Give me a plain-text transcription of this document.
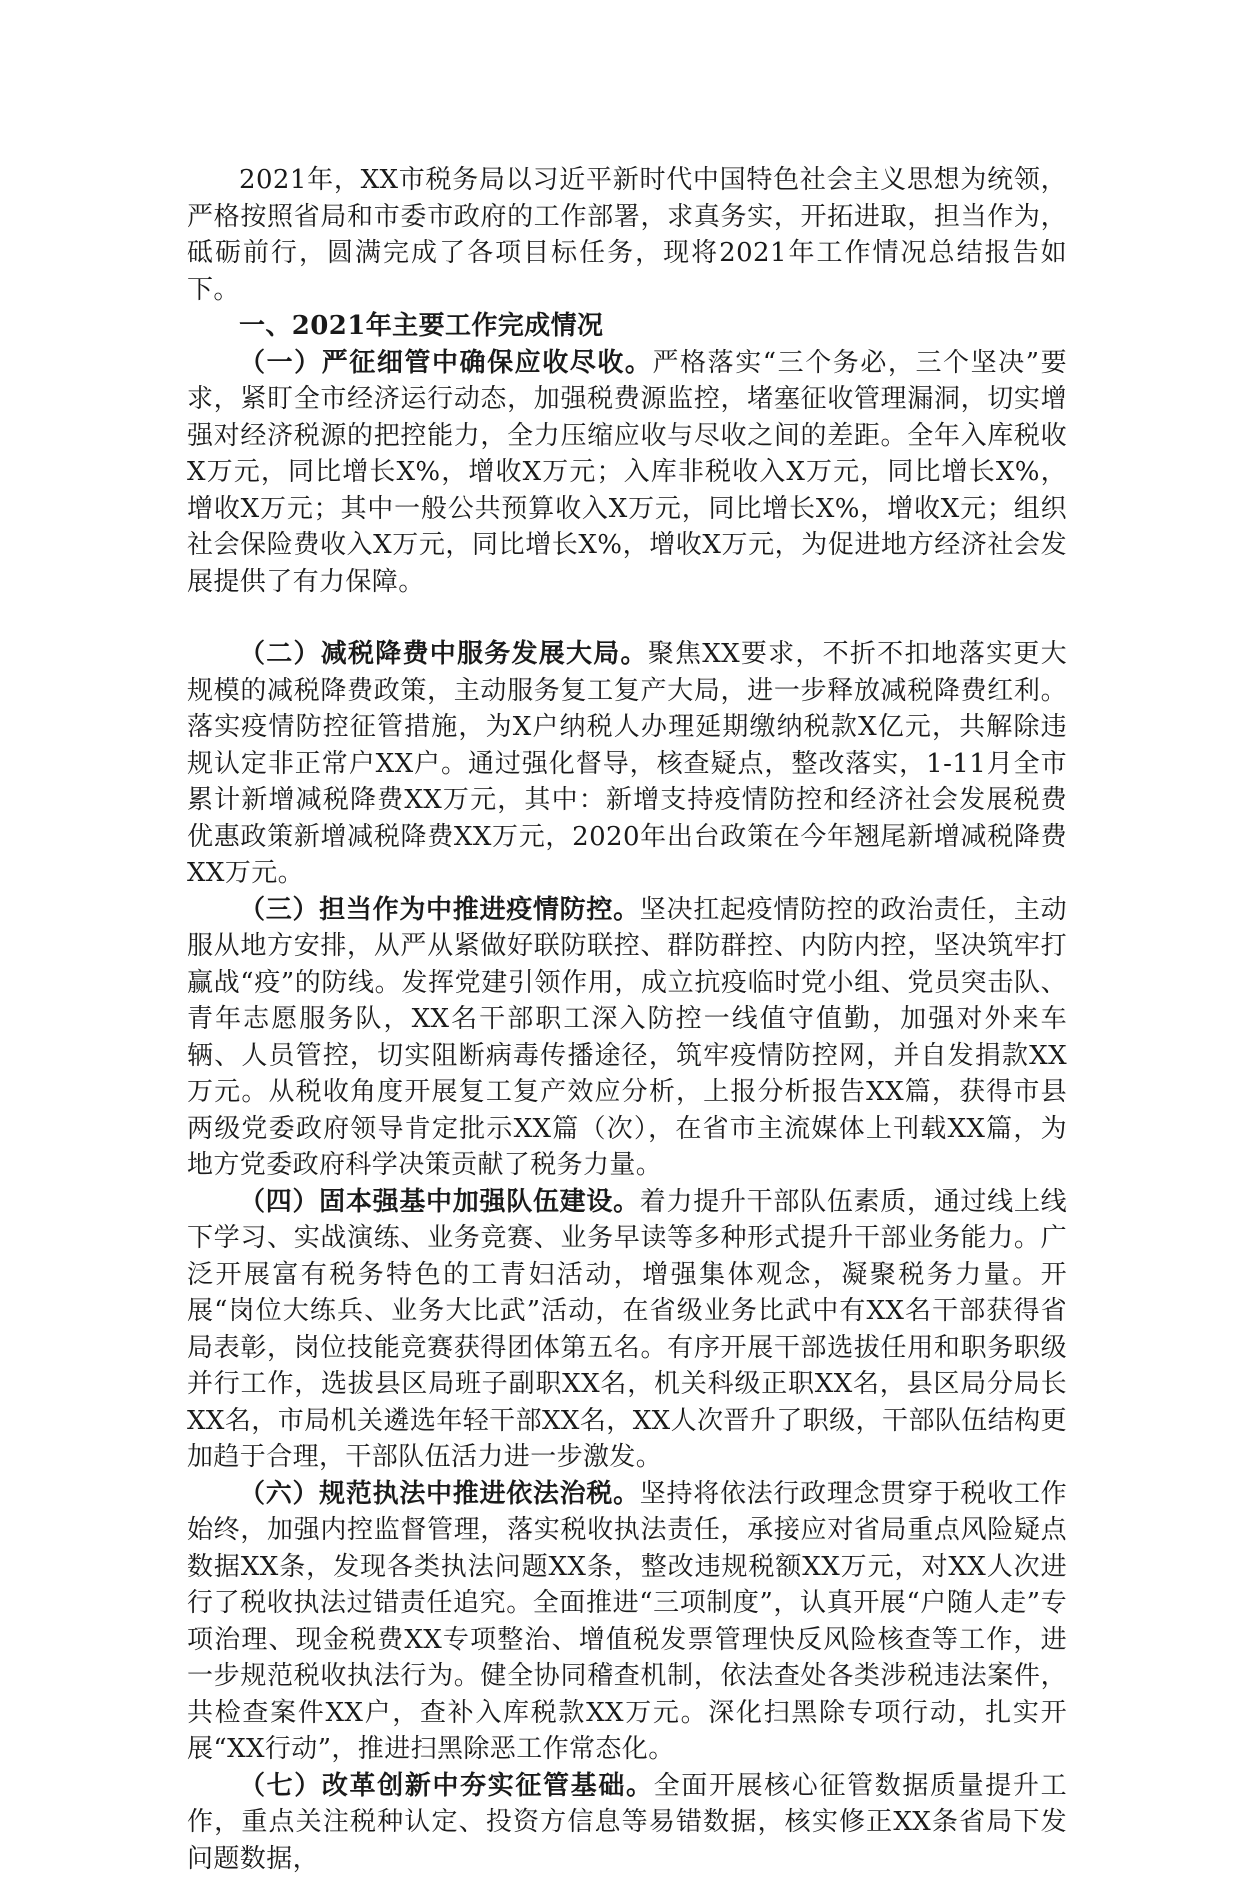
2021年，XX市税务局以习近平新时代中国特色社会主义思想为统领，严格按照省局和市委市政府的工作部署，求真务实，开拓进取，担当作为，砥砺前行，圆满完成了各项目标任务，现将2021年工作情况总结报告如下。

一、2021年主要工作完成情况

（一）严征细管中确保应收尽收。严格落实“三个务必，三个坚决”要求，紧盯全市经济运行动态，加强税费源监控，堵塞征收管理漏洞，切实增强对经济税源的把控能力，全力压缩应收与尽收之间的差距。全年入库税收X万元，同比增长X%，增收X万元；入库非税收入X万元，同比增长X%，增收X万元；其中一般公共预算收入X万元，同比增长X%，增收X元；组织社会保险费收入X万元，同比增长X%，增收X万元，为促进地方经济社会发展提供了有力保障。

（二）减税降费中服务发展大局。聚焦XX要求，不折不扣地落实更大规模的减税降费政策，主动服务复工复产大局，进一步释放减税降费红利。落实疫情防控征管措施，为X户纳税人办理延期缴纳税款X亿元，共解除违规认定非正常户XX户。通过强化督导，核查疑点，整改落实，1-11月全市累计新增减税降费XX万元，其中：新增支持疫情防控和经济社会发展税费优惠政策新增减税降费XX万元，2020年出台政策在今年翘尾新增减税降费XX万元。

（三）担当作为中推进疫情防控。坚决扛起疫情防控的政治责任，主动服从地方安排，从严从紧做好联防联控、群防群控、内防内控，坚决筑牢打赢战“疫”的防线。发挥党建引领作用，成立抗疫临时党小组、党员突击队、青年志愿服务队，XX名干部职工深入防控一线值守值勤，加强对外来车辆、人员管控，切实阻断病毒传播途径，筑牢疫情防控网，并自发捐款XX万元。从税收角度开展复工复产效应分析，上报分析报告XX篇，获得市县两级党委政府领导肯定批示XX篇（次），在省市主流媒体上刊载XX篇，为地方党委政府科学决策贡献了税务力量。

（四）固本强基中加强队伍建设。着力提升干部队伍素质，通过线上线下学习、实战演练、业务竞赛、业务早读等多种形式提升干部业务能力。广泛开展富有税务特色的工青妇活动，增强集体观念，凝聚税务力量。开展“岗位大练兵、业务大比武”活动，在省级业务比武中有XX名干部获得省局表彰，岗位技能竞赛获得团体第五名。有序开展干部选拔任用和职务职级并行工作，选拔县区局班子副职XX名，机关科级正职XX名，县区局分局长XX名，市局机关遴选年轻干部XX名，XX人次晋升了职级，干部队伍结构更加趋于合理，干部队伍活力进一步激发。

（六）规范执法中推进依法治税。坚持将依法行政理念贯穿于税收工作始终，加强内控监督管理，落实税收执法责任，承接应对省局重点风险疑点数据XX条，发现各类执法问题XX条，整改违规税额XX万元，对XX人次进行了税收执法过错责任追究。全面推进“三项制度”，认真开展“户随人走”专项治理、现金税费XX专项整治、增值税发票管理快反风险核查等工作，进一步规范税收执法行为。健全协同稽查机制，依法查处各类涉税违法案件，共检查案件XX户，查补入库税款XX万元。深化扫黑除专项行动，扎实开展“XX行动”，推进扫黑除恶工作常态化。

（七）改革创新中夯实征管基础。全面开展核心征管数据质量提升工作，重点关注税种认定、投资方信息等易错数据，核实修正XX条省局下发问题数据，
